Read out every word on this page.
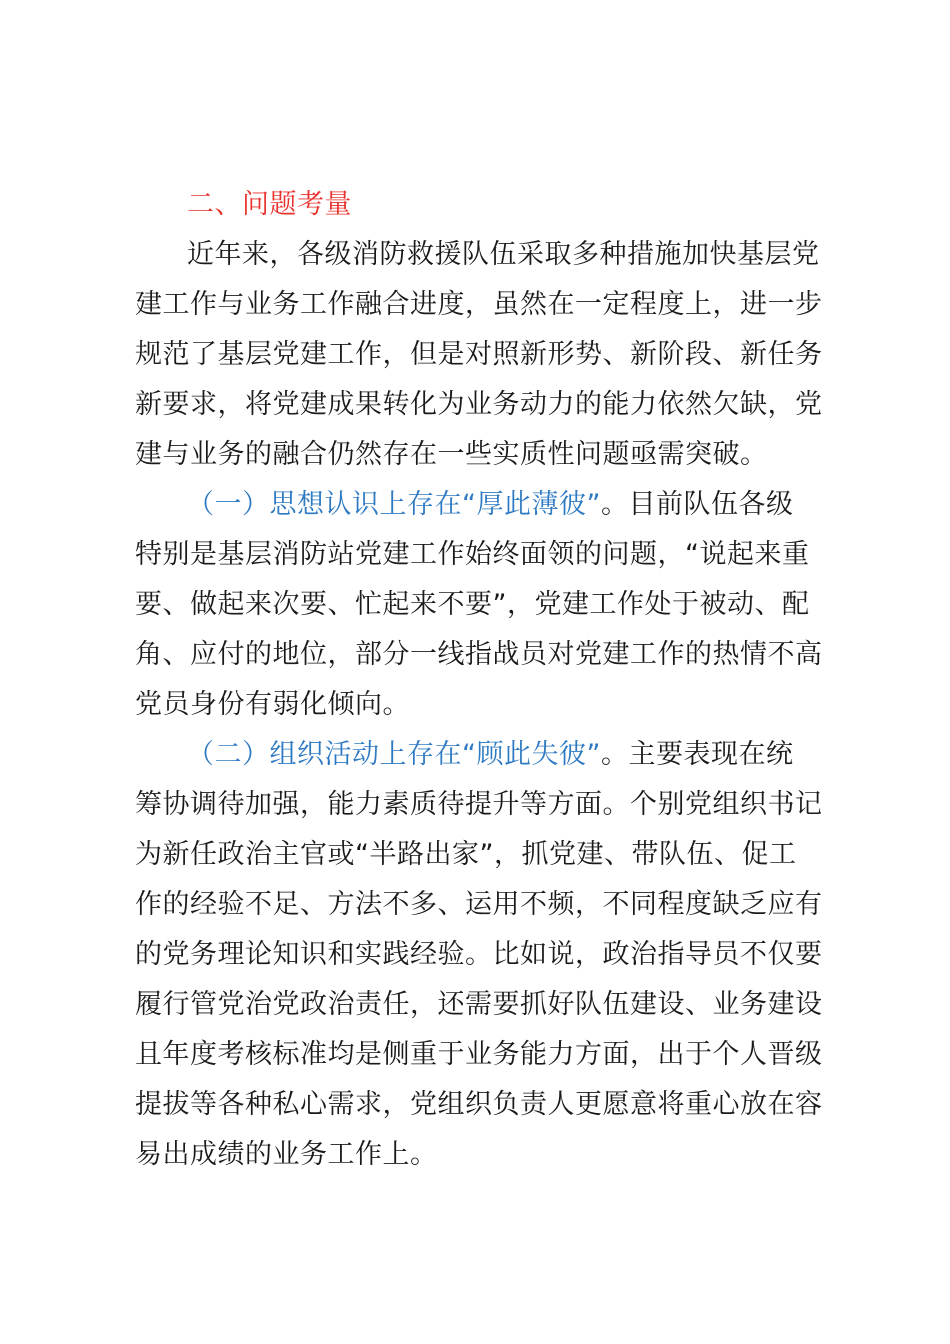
二、问题考量
近年来，各级消防救援队伍采取多种措施加快基层党
建工作与业务工作融合进度，虽然在一定程度上，进一步
规范了基层党建工作，但是对照新形势、新阶段、新任务
新要求，将党建成果转化为业务动力的能力依然欠缺，党
建与业务的融合仍然存在一些实质性问题亟需突破。
（一）思想认识上存在“厚此薄彼”。目前队伍各级
特别是基层消防站党建工作始终面领的问题，“说起来重
要、做起来次要、忙起来不要”，党建工作处于被动、配
角、应付的地位，部分一线指战员对党建工作的热情不高
党员身份有弱化倾向。
（二）组织活动上存在“顾此失彼”。主要表现在统
筹协调待加强，能力素质待提升等方面。个别党组织书记
为新任政治主官或“半路出家”，抓党建、带队伍、促工
作的经验不足、方法不多、运用不频，不同程度缺乏应有
的党务理论知识和实践经验。比如说，政治指导员不仅要
履行管党治党政治责任，还需要抓好队伍建设、业务建设
且年度考核标准均是侧重于业务能力方面，出于个人晋级
提拔等各种私心需求，党组织负责人更愿意将重心放在容
易出成绩的业务工作上。
